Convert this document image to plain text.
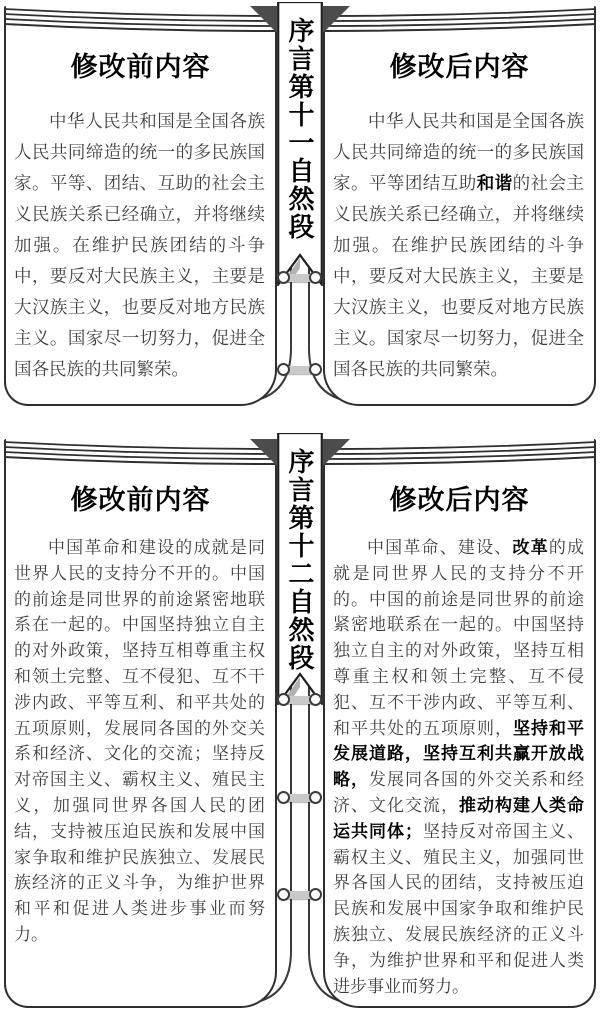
修改前内容

中华人民共和国是全国各族人民共同缔造的统一的多民族国家。平等、团结、互助的社会主义民族关系已经确立，并将继续加强。在维护民族团结的斗争中，要反对大民族主义，主要是大汉族主义，也要反对地方民族主义。国家尽一切努力，促进全国各民族的共同繁荣。

修改后内容

中华人民共和国是全国各族人民共同缔造的统一的多民族国家。平等团结互助和谐的社会主义民族关系已经确立，并将继续加强。在维护民族团结的斗争中，要反对大民族主义，主要是大汉族主义，也要反对地方民族主义。国家尽一切努力，促进全国各民族的共同繁荣。

序言第十一自然段
修改前内容

中国革命和建设的成就是同世界人民的支持分不开的。中国的前途是同世界的前途紧密地联系在一起的。中国坚持独立自主的对外政策，坚持互相尊重主权和领土完整、互不侵犯、互不干涉内政、平等互利、和平共处的五项原则，发展同各国的外交关系和经济、文化的交流；坚持反对帝国主义、霸权主义、殖民主义，加强同世界各国人民的团结，支持被压迫民族和发展中国家争取和维护民族独立、发展民族经济的正义斗争，为维护世界和平和促进人类进步事业而努力。

修改后内容

中国革命、建设、改革的成就是同世界人民的支持分不开的。中国的前途是同世界的前途紧密地联系在一起的。中国坚持独立自主的对外政策，坚持互相尊重主权和领土完整、互不侵犯、互不干涉内政、平等互利、和平共处的五项原则，坚持和平发展道路，坚持互利共赢开放战略，发展同各国的外交关系和经济、文化交流，推动构建人类命运共同体；坚持反对帝国主义、霸权主义、殖民主义，加强同世界各国人民的团结，支持被压迫民族和发展中国家争取和维护民族独立、发展民族经济的正义斗争，为维护世界和平和促进人类进步事业而努力。

序言第十二自然段
